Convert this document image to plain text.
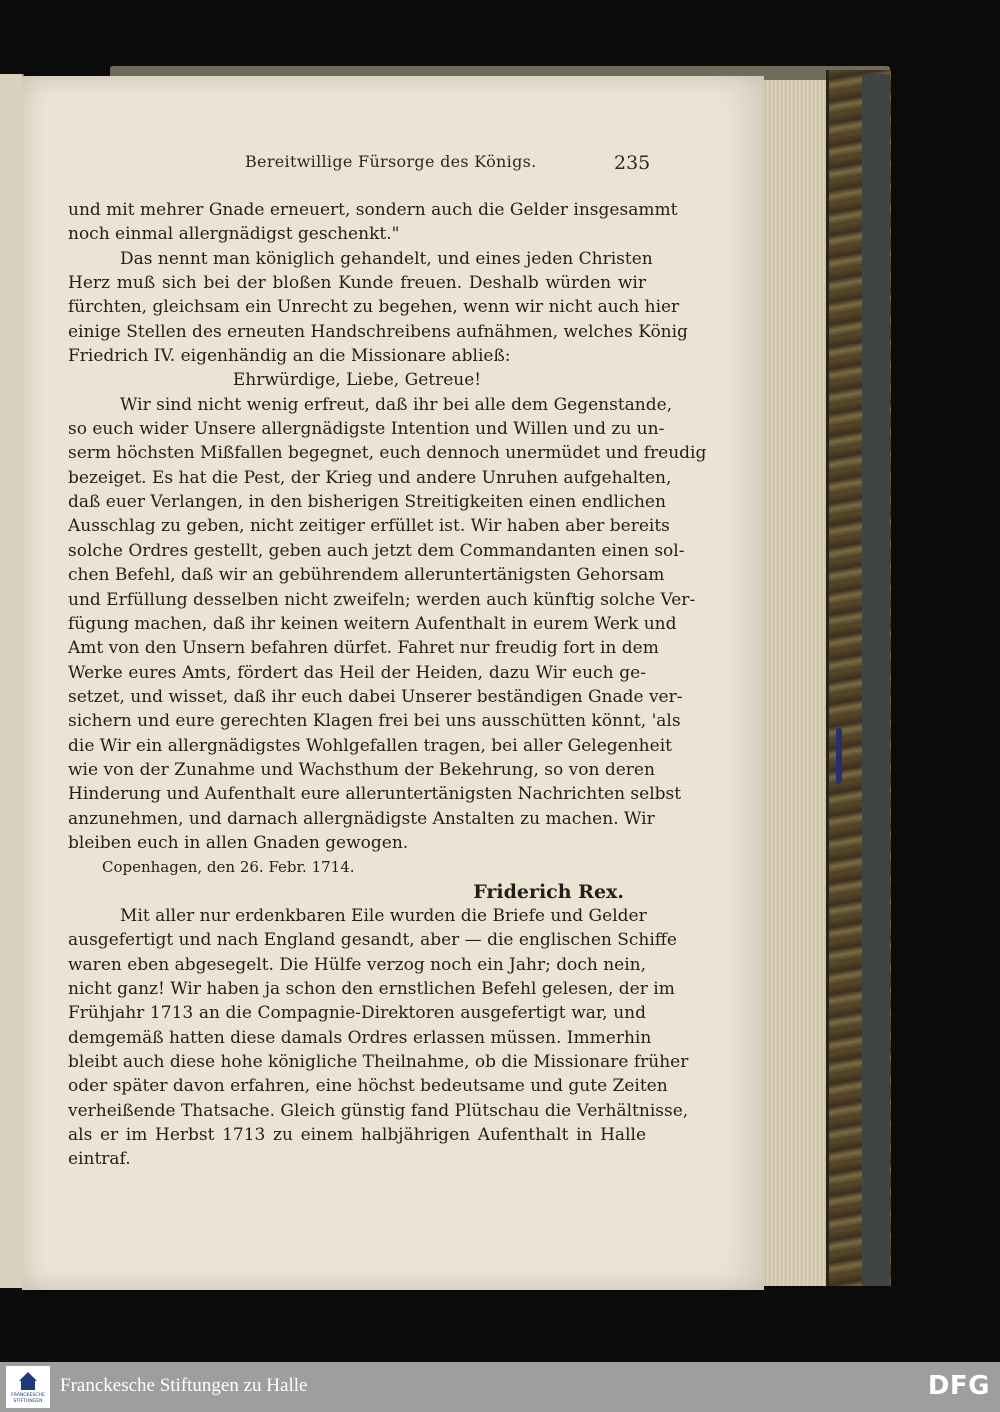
Bereitwillige Fürsorge des Königs.	235
und mit mehrer Gnade erneuert, sondern auch die Gelder insgesammt
noch einmal allergnädigst geschenkt."
Das nennt man königlich gehandelt, und eines jeden Christen
Herz muß sich bei der bloßen Kunde freuen. Deshalb würden wir
fürchten, gleichsam ein Unrecht zu begehen, wenn wir nicht auch hier
einige Stellen des erneuten Handschreibens aufnähmen, welches König
Friedrich IV. eigenhändig an die Missionare abließ:
Ehrwürdige, Liebe, Getreue!
Wir sind nicht wenig erfreut, daß ihr bei alle dem Gegenstande,
so euch wider Unsere allergnädigste Intention und Willen und zu un-
serm höchsten Mißfallen begegnet, euch dennoch unermüdet und freudig
bezeiget. Es hat die Pest, der Krieg und andere Unruhen aufgehalten,
daß euer Verlangen, in den bisherigen Streitigkeiten einen endlichen
Ausschlag zu geben, nicht zeitiger erfüllet ist. Wir haben aber bereits
solche Ordres gestellt, geben auch jetzt dem Commandanten einen sol-
chen Befehl, daß wir an gebührendem alleruntertänigsten Gehorsam
und Erfüllung desselben nicht zweifeln; werden auch künftig solche Ver-
fügung machen, daß ihr keinen weitern Aufenthalt in eurem Werk und
Amt von den Unsern befahren dürfet. Fahret nur freudig fort in dem
Werke eures Amts, fördert das Heil der Heiden, dazu Wir euch ge-
setzet, und wisset, daß ihr euch dabei Unserer beständigen Gnade ver-
sichern und eure gerechten Klagen frei bei uns ausschütten könnt, 'als
die Wir ein allergnädigstes Wohlgefallen tragen, bei aller Gelegenheit
wie von der Zunahme und Wachsthum der Bekehrung, so von deren
Hinderung und Aufenthalt eure alleruntertänigsten Nachrichten selbst
anzunehmen, und darnach allergnädigste Anstalten zu machen. Wir
bleiben euch in allen Gnaden gewogen.
Copenhagen, den 26. Febr. 1714.
Friderich Rex.
Mit aller nur erdenkbaren Eile wurden die Briefe und Gelder
ausgefertigt und nach England gesandt, aber — die englischen Schiffe
waren eben abgesegelt. Die Hülfe verzog noch ein Jahr; doch nein,
nicht ganz! Wir haben ja schon den ernstlichen Befehl gelesen, der im
Frühjahr 1713 an die Compagnie-Direktoren ausgefertigt war, und
demgemäß hatten diese damals Ordres erlassen müssen. Immerhin
bleibt auch diese hohe königliche Theilnahme, ob die Missionare früher
oder später davon erfahren, eine höchst bedeutsame und gute Zeiten
verheißende Thatsache. Gleich günstig fand Plütschau die Verhältnisse,
als er im Herbst 1713 zu einem halbjährigen Aufenthalt in Halle
eintraf.
FRANCKESCHE
STIFTUNGEN
Franckesche Stiftungen zu Halle	DFG
